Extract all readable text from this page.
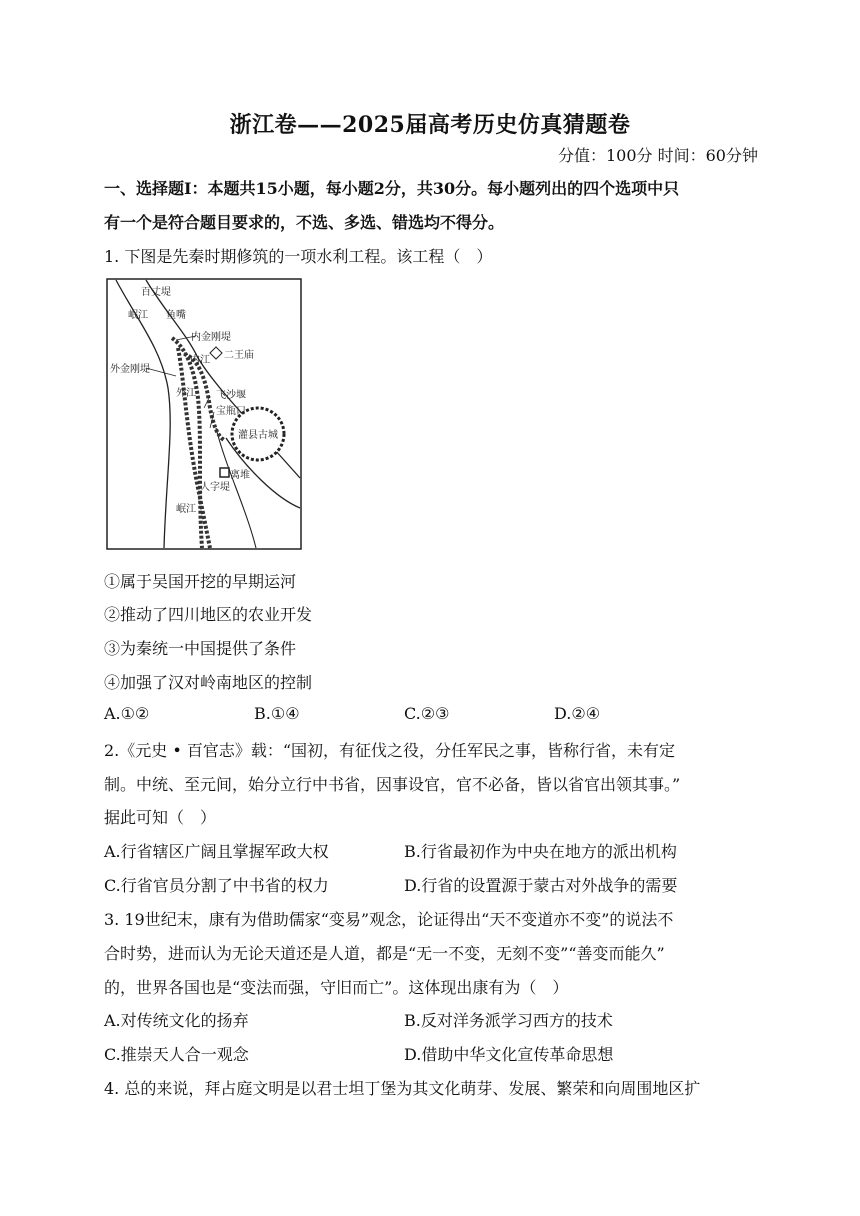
浙江卷——2025届高考历史仿真猜题卷
分值：100分 时间：60分钟
一、选择题Ⅰ：本题共15小题，每小题2分，共30分。每小题列出的四个选项中只
有一个是符合题目要求的，不选、多选、错选均不得分。
1. 下图是先秦时期修筑的一项水利工程。该工程（　）
百丈堤
岷江 鱼嘴
内金刚堤
内江 二王庙
外金刚堤
外江 飞沙堰
宝瓶口
灌县古城
离堆
人字堤
岷江
①属于吴国开挖的早期运河
②推动了四川地区的农业开发
③为秦统一中国提供了条件
④加强了汉对岭南地区的控制
A.①②	B.①④	C.②③	D.②④
2.《元史 • 百官志》载：“国初，有征伐之役，分任军民之事，皆称行省，未有定
制。中统、至元间，始分立行中书省，因事设官，官不必备，皆以省官出领其事。”
据此可知（　）
A.行省辖区广阔且掌握军政大权	B.行省最初作为中央在地方的派出机构
C.行省官员分割了中书省的权力	D.行省的设置源于蒙古对外战争的需要
3. 19世纪末，康有为借助儒家“变易”观念，论证得出“天不变道亦不变”的说法不
合时势，进而认为无论天道还是人道，都是“无一不变，无刻不变”“善变而能久”
的，世界各国也是“变法而强，守旧而亡”。这体现出康有为（　）
A.对传统文化的扬弃	B.反对洋务派学习西方的技术
C.推崇天人合一观念	D.借助中华文化宣传革命思想
4. 总的来说，拜占庭文明是以君士坦丁堡为其文化萌芽、发展、繁荣和向周围地区扩
